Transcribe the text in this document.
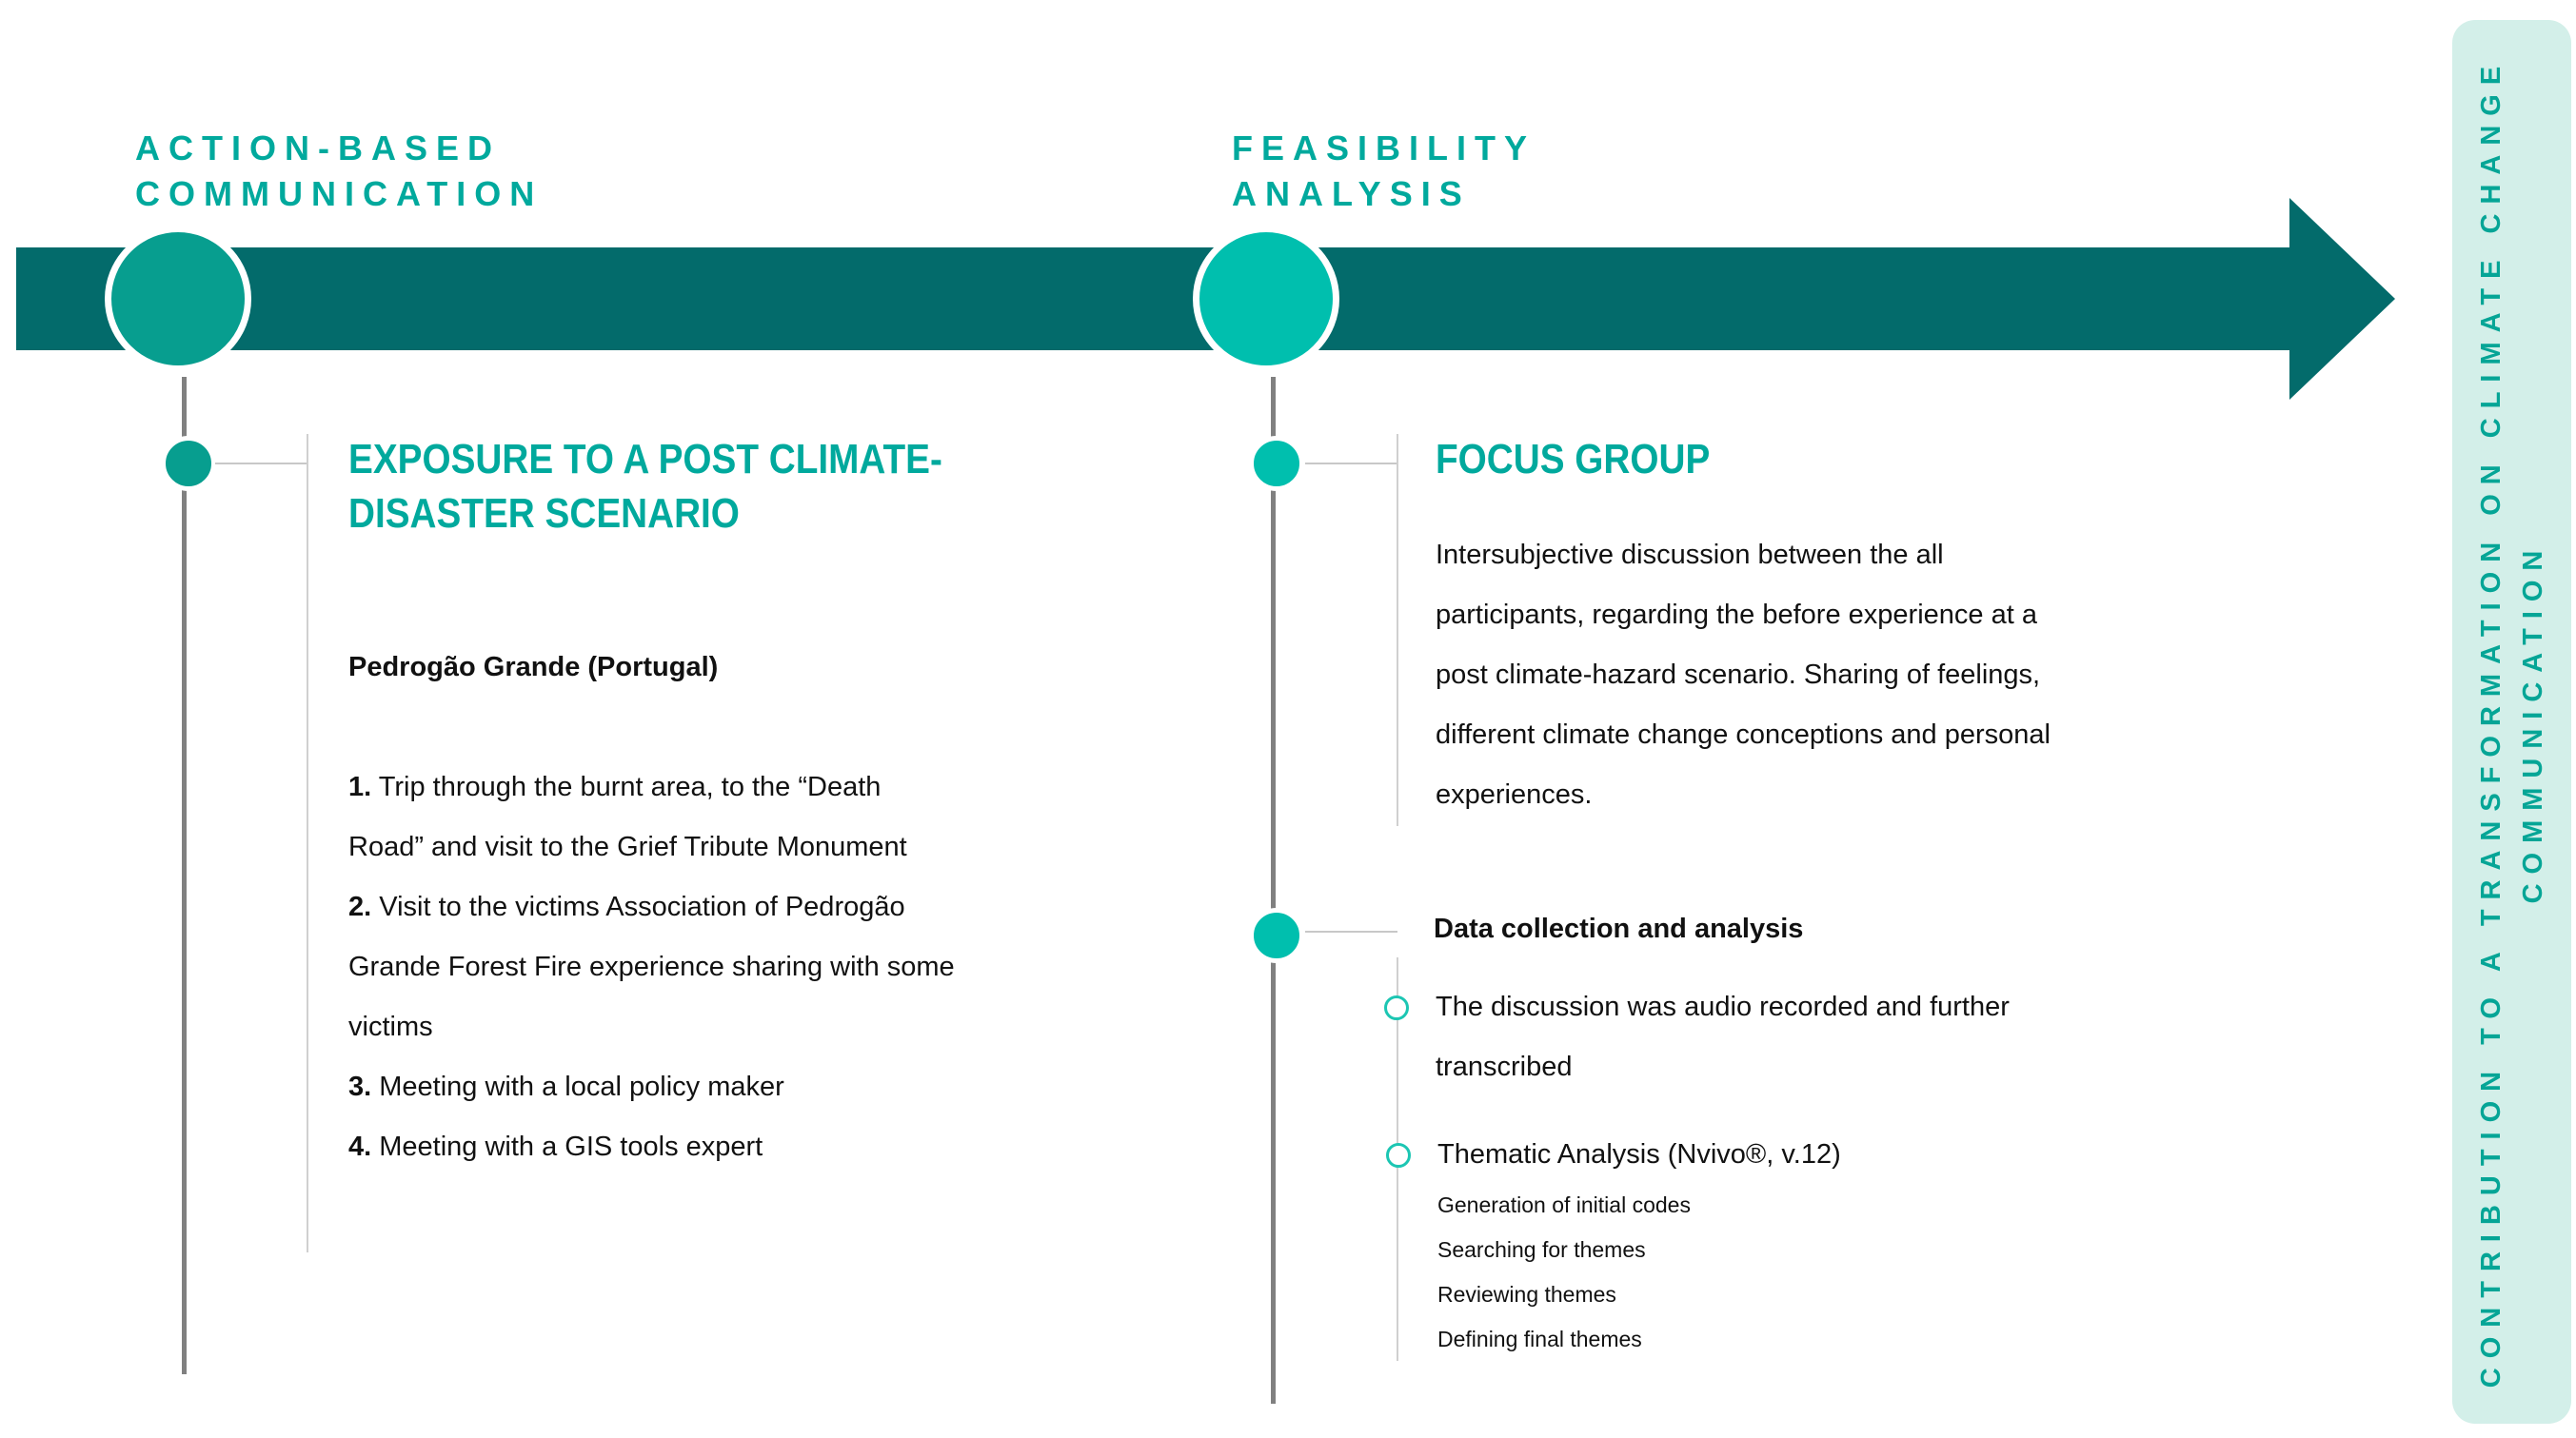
ACTION-BASED
COMMUNICATION
FEASIBILITY
ANALYSIS
EXPOSURE TO A POST CLIMATE-
DISASTER SCENARIO
Pedrogão Grande (Portugal)
1. Trip through the burnt area, to the “Death
Road” and visit to the Grief Tribute Monument
2. Visit to the victims Association of Pedrogão
Grande Forest Fire experience sharing with some
victims
3. Meeting with a local policy maker
4. Meeting with a GIS tools expert
FOCUS GROUP
Intersubjective discussion between the all
participants, regarding the before experience at a
post climate-hazard scenario. Sharing of feelings,
different climate change conceptions and personal
experiences.
Data collection and analysis
The discussion was audio recorded and further
transcribed
Thematic Analysis (Nvivo®, v.12)
Generation of initial codes
Searching for themes
Reviewing themes
Defining final themes	CONTRIBUTION TO A TRANSFORMATION ON CLIMATE CHANGE COMMUNICATION
